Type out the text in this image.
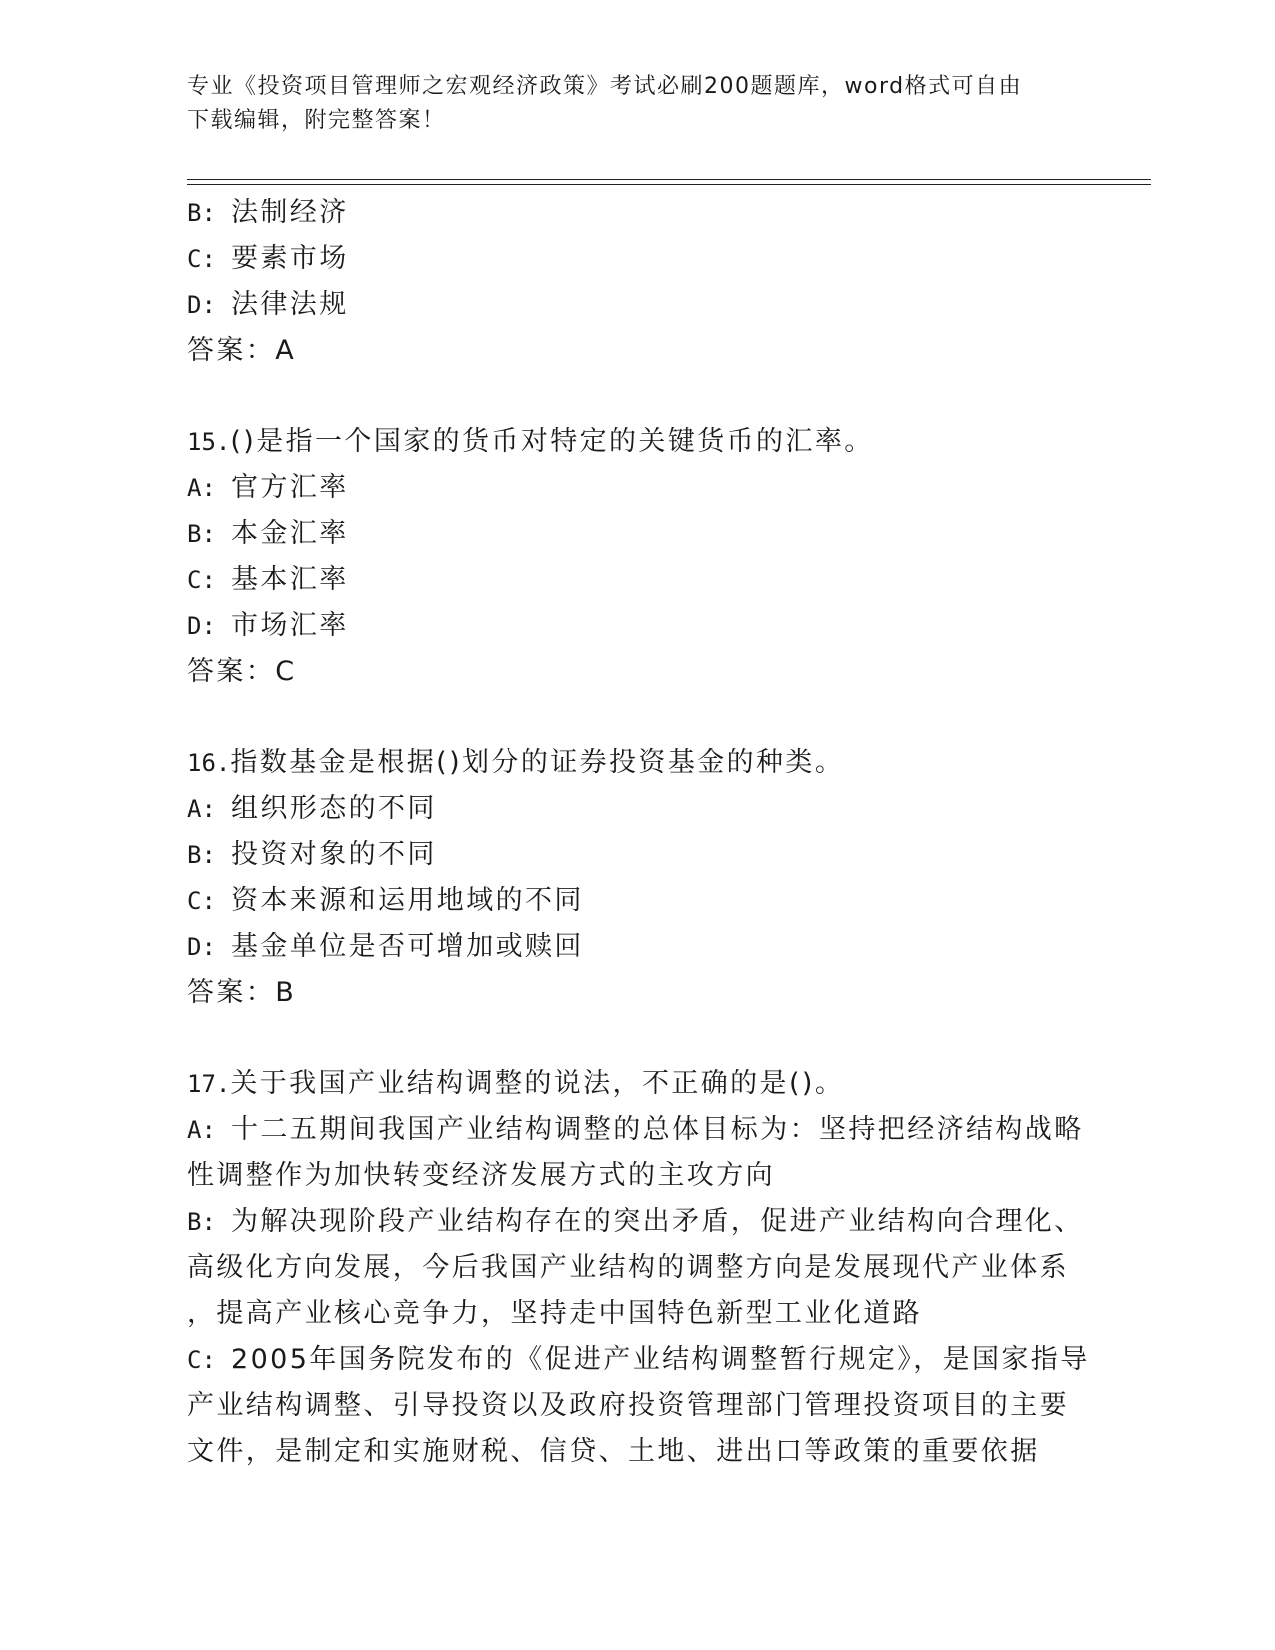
专业《投资项目管理师之宏观经济政策》考试必刷200题题库，word格式可自由
下载编辑，附完整答案！
B: 法制经济
C: 要素市场
D: 法律法规
答案：A
15.()是指一个国家的货币对特定的关键货币的汇率。
A: 官方汇率
B: 本金汇率
C: 基本汇率
D: 市场汇率
答案：C
16.指数基金是根据()划分的证券投资基金的种类。
A: 组织形态的不同
B: 投资对象的不同
C: 资本来源和运用地域的不同
D: 基金单位是否可增加或赎回
答案：B
17.关于我国产业结构调整的说法，不正确的是()。
A: 十二五期间我国产业结构调整的总体目标为：坚持把经济结构战略
性调整作为加快转变经济发展方式的主攻方向
B: 为解决现阶段产业结构存在的突出矛盾，促进产业结构向合理化、
高级化方向发展，今后我国产业结构的调整方向是发展现代产业体系
，提高产业核心竞争力，坚持走中国特色新型工业化道路
C: 2005年国务院发布的《促进产业结构调整暂行规定》，是国家指导
产业结构调整、引导投资以及政府投资管理部门管理投资项目的主要
文件，是制定和实施财税、信贷、土地、进出口等政策的重要依据
